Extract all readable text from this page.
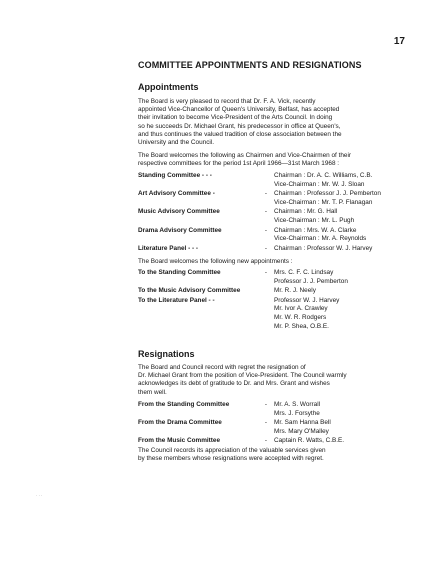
17
COMMITTEE APPOINTMENTS AND RESIGNATIONS
Appointments
The Board is very pleased to record that Dr. F. A. Vick, recently
appointed Vice-Chancellor of Queen's University, Belfast, has accepted
their invitation to become Vice-President of the Arts Council. In doing
so he succeeds Dr. Michael Grant, his predecessor in office at Queen's,
and thus continues the valued tradition of close association between the
University and the Council.
The Board welcomes the following as Chairmen and Vice-Chairmen of their
respective committees for the period 1st April 1966—31st March 1968 :
Standing Committee - - -	Chairman : Dr. A. C. Williams, C.B.
Vice-Chairman : Mr. W. J. Sloan
Art Advisory Committee -	-	Chairman : Professor J. J. Pemberton
Vice-Chairman : Mr. T. P. Flanagan
Music Advisory Committee	-	Chairman : Mr. G. Hall
Vice-Chairman : Mr. L. Pugh
Drama Advisory Committee	-	Chairman : Mrs. W. A. Clarke
Vice-Chairman : Mr. A. Reynolds
Literature Panel - - -	-	Chairman : Professor W. J. Harvey
The Board welcomes the following new appointments :
To the Standing Committee	-	Mrs. C. F. C. Lindsay
Professor J. J. Pemberton
To the Music Advisory Committee	Mr. R. J. Neely
To the Literature Panel - -	Professor W. J. Harvey
Mr. Ivor A. Crawley
Mr. W. R. Rodgers
Mr. P. Shea, O.B.E.
Resignations
The Board and Council record with regret the resignation of
Dr. Michael Grant from the position of Vice-President. The Council warmly
acknowledges its debt of gratitude to Dr. and Mrs. Grant and wishes
them well.
From the Standing Committee	-	Mr. A. S. Worrall
Mrs. J. Forsythe
From the Drama Committee	-	Mr. Sam Hanna Bell
Mrs. Mary O'Malley
From the Music Committee	-	Captain R. Watts, C.B.E.
The Council records its appreciation of the valuable services given
by these members whose resignations were accepted with regret.
· · ·
